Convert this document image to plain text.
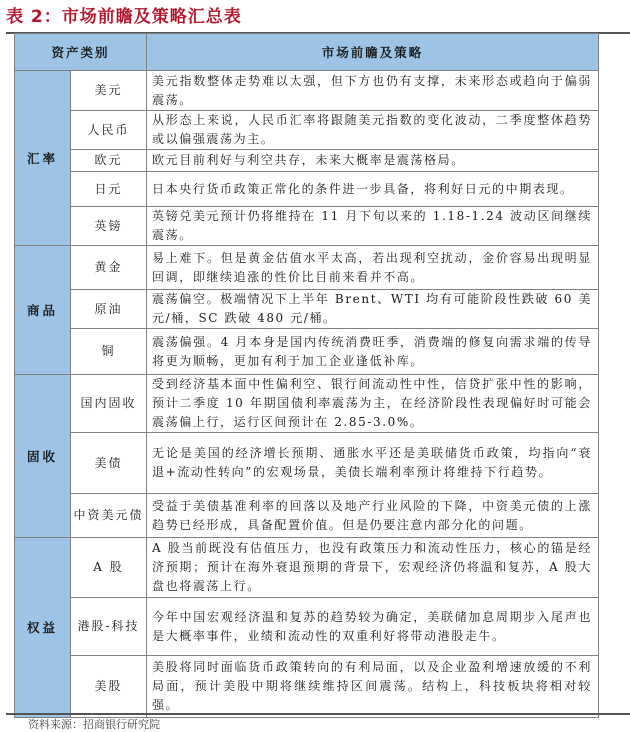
表 2：市场前瞻及策略汇总表
资产类别		市场前瞻及策略
汇率	美元	美元指数整体走势难以太强，但下方也仍有支撑，未来形态或趋向于偏弱震荡。
	人民币	从形态上来说，人民币汇率将跟随美元指数的变化波动，二季度整体趋势或以偏强震荡为主。
	欧元	欧元目前利好与利空共存，未来大概率是震荡格局。
	日元	日本央行货币政策正常化的条件进一步具备，将利好日元的中期表现。
	英镑	英镑兑美元预计仍将维持在 11 月下旬以来的 1.18-1.24 波动区间继续震荡。
商品	黄金	易上难下。但是黄金估值水平太高，若出现利空扰动，金价容易出现明显回调，即继续追涨的性价比目前来看并不高。
	原油	震荡偏空。极端情况下上半年 Brent、WTI 均有可能阶段性跌破 60 美元/桶，SC 跌破 480 元/桶。
	铜	震荡偏强。4 月本身是国内传统消费旺季，消费端的修复向需求端的传导将更为顺畅，更加有利于加工企业逢低补库。
固收	国内固收	受到经济基本面中性偏利空、银行间流动性中性，信贷扩张中性的影响，预计二季度 10 年期国债利率震荡为主，在经济阶段性表现偏好时可能会震荡偏上行，运行区间预计在 2.85-3.0%。
	美债	无论是美国的经济增长预期、通胀水平还是美联储货币政策，均指向“衰退+流动性转向”的宏观场景，美债长端利率预计将维持下行趋势。
	中资美元债	受益于美债基准利率的回落以及地产行业风险的下降，中资美元债的上涨趋势已经形成，具备配置价值。但是仍要注意内部分化的问题。
权益	A 股	A 股当前既没有估值压力，也没有政策压力和流动性压力，核心的锚是经济预期；预计在海外衰退预期的背景下，宏观经济仍将温和复苏，A 股大盘也将震荡上行。
	港股-科技	今年中国宏观经济温和复苏的趋势较为确定，美联储加息周期步入尾声也是大概率事件，业绩和流动性的双重利好将带动港股走牛。
	美股	美股将同时面临货币政策转向的有利局面，以及企业盈利增速放缓的不利局面，预计美股中期将继续维持区间震荡。结构上，科技板块将相对较强。
资料来源：招商银行研究院
